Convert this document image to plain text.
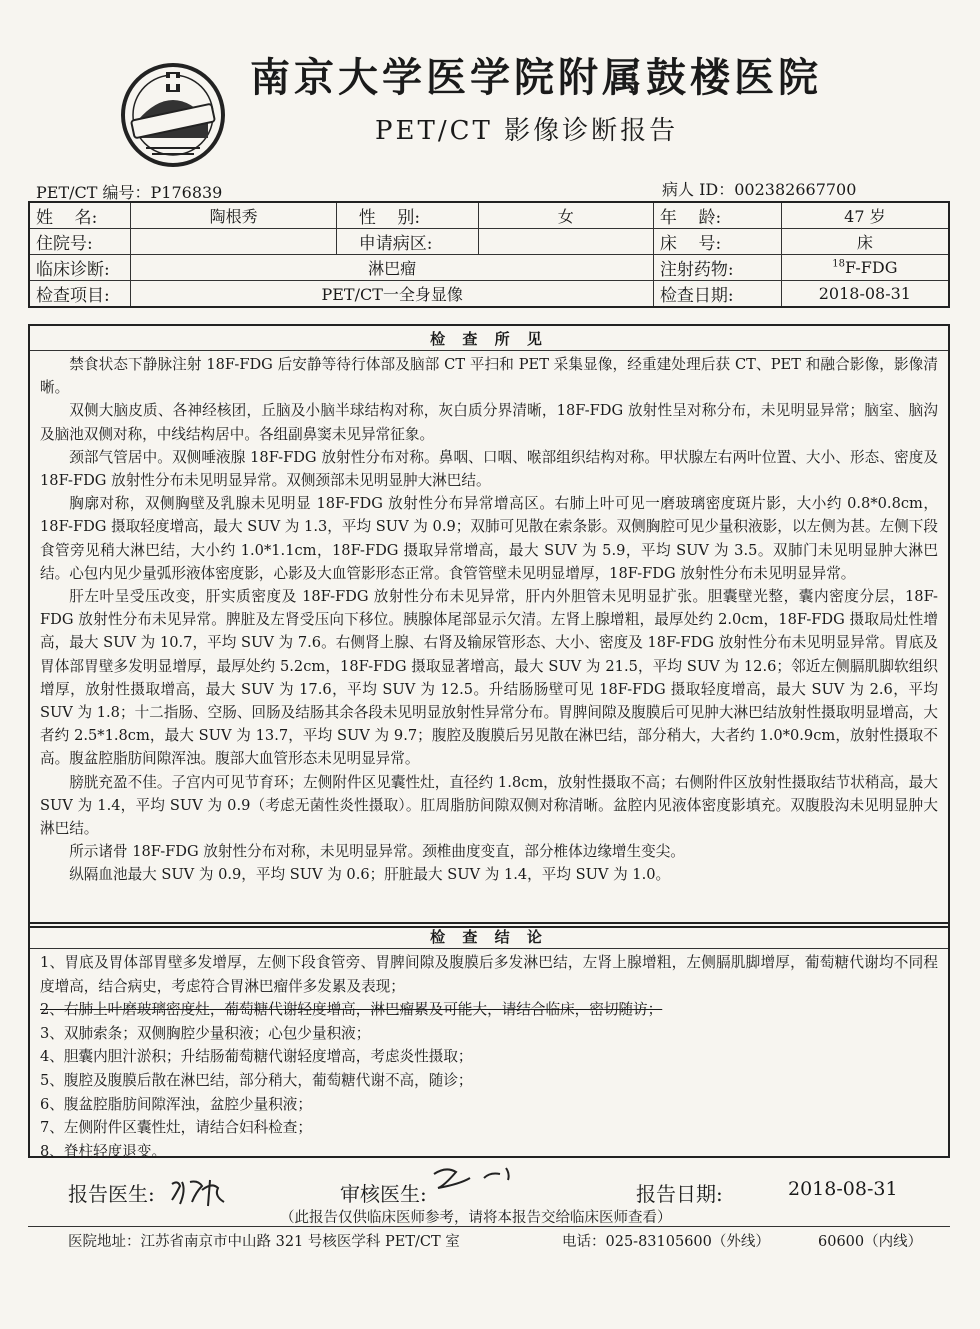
南京大学医学院附属鼓楼医院
PET/CT 影像诊断报告
PET/CT 编号：P176839	病人 ID：002382667700
姓    名:	陶根秀	性    别:	女	年    龄:	47 岁
住院号:		申请病区:		床    号:	床
临床诊断:	淋巴瘤			注射药物:	$^{18}$F-FDG
检查项目:	PET/CT一全身显像			检查日期:	2018-08-31
检 查 所 见

禁食状态下静脉注射 18F-FDG 后安静等待行体部及脑部 CT 平扫和 PET 采集显像，经重建处理后获 CT、PET 和融合影像，影像清晰。

双侧大脑皮质、各神经核团，丘脑及小脑半球结构对称，灰白质分界清晰，18F-FDG 放射性呈对称分布，未见明显异常；脑室、脑沟及脑池双侧对称，中线结构居中。各组副鼻窦未见异常征象。

颈部气管居中。双侧唾液腺 18F-FDG 放射性分布对称。鼻咽、口咽、喉部组织结构对称。甲状腺左右两叶位置、大小、形态、密度及 18F-FDG 放射性分布未见明显异常。双侧颈部未见明显肿大淋巴结。

胸廓对称，双侧胸壁及乳腺未见明显 18F-FDG 放射性分布异常增高区。右肺上叶可见一磨玻璃密度斑片影，大小约 0.8*0.8cm，18F-FDG 摄取轻度增高，最大 SUV 为 1.3，平均 SUV 为 0.9；双肺可见散在索条影。双侧胸腔可见少量积液影，以左侧为甚。左侧下段食管旁见稍大淋巴结，大小约 1.0*1.1cm，18F-FDG 摄取异常增高，最大 SUV 为 5.9，平均 SUV 为 3.5。双肺门未见明显肿大淋巴结。心包内见少量弧形液体密度影，心影及大血管影形态正常。食管管壁未见明显增厚，18F-FDG 放射性分布未见明显异常。

肝左叶呈受压改变，肝实质密度及 18F-FDG 放射性分布未见异常，肝内外胆管未见明显扩张。胆囊壁光整，囊内密度分层，18F-FDG 放射性分布未见异常。脾脏及左肾受压向下移位。胰腺体尾部显示欠清。左肾上腺增粗，最厚处约 2.0cm，18F-FDG 摄取局灶性增高，最大 SUV 为 10.7，平均 SUV 为 7.6。右侧肾上腺、右肾及输尿管形态、大小、密度及 18F-FDG 放射性分布未见明显异常。胃底及胃体部胃壁多发明显增厚，最厚处约 5.2cm，18F-FDG 摄取显著增高，最大 SUV 为 21.5，平均 SUV 为 12.6；邻近左侧膈肌脚软组织增厚，放射性摄取增高，最大 SUV 为 17.6，平均 SUV 为 12.5。升结肠肠壁可见 18F-FDG 摄取轻度增高，最大 SUV 为 2.6，平均 SUV 为 1.8；十二指肠、空肠、回肠及结肠其余各段未见明显放射性异常分布。胃脾间隙及腹膜后可见肿大淋巴结放射性摄取明显增高，大者约 2.5*1.8cm，最大 SUV 为 13.7，平均 SUV 为 9.7；腹腔及腹膜后另见散在淋巴结，部分稍大，大者约 1.0*0.9cm，放射性摄取不高。腹盆腔脂肪间隙浑浊。腹部大血管形态未见明显异常。

膀胱充盈不佳。子宫内可见节育环；左侧附件区见囊性灶，直径约 1.8cm，放射性摄取不高；右侧附件区放射性摄取结节状稍高，最大 SUV 为 1.4，平均 SUV 为 0.9（考虑无菌性炎性摄取）。肛周脂肪间隙双侧对称清晰。盆腔内见液体密度影填充。双腹股沟未见明显肿大淋巴结。

所示诸骨 18F-FDG 放射性分布对称，未见明显异常。颈椎曲度变直，部分椎体边缘增生变尖。

纵隔血池最大 SUV 为 0.9，平均 SUV 为 0.6；肝脏最大 SUV 为 1.4，平均 SUV 为 1.0。

检 查 结 论

1、胃底及胃体部胃壁多发增厚，左侧下段食管旁、胃脾间隙及腹膜后多发淋巴结，左肾上腺增粗，左侧膈肌脚增厚，葡萄糖代谢均不同程度增高，结合病史，考虑符合胃淋巴瘤伴多发累及表现；

2、右肺上叶磨玻璃密度灶，葡萄糖代谢轻度增高，淋巴瘤累及可能大，请结合临床，密切随访；

3、双肺索条；双侧胸腔少量积液；心包少量积液；

4、胆囊内胆汁淤积；升结肠葡萄糖代谢轻度增高，考虑炎性摄取；

5、腹腔及腹膜后散在淋巴结，部分稍大，葡萄糖代谢不高，随诊；

6、腹盆腔脂肪间隙浑浊，盆腔少量积液；

7、左侧附件区囊性灶，请结合妇科检查；

8、脊柱轻度退变。

报告医生:	审核医生:	报告日期:	2018-08-31
（此报告仅供临床医师参考，请将本报告交给临床医师查看）
医院地址：江苏省南京市中山路 321 号核医学科 PET/CT 室	电话：025-83105600（外线）	60600（内线）
